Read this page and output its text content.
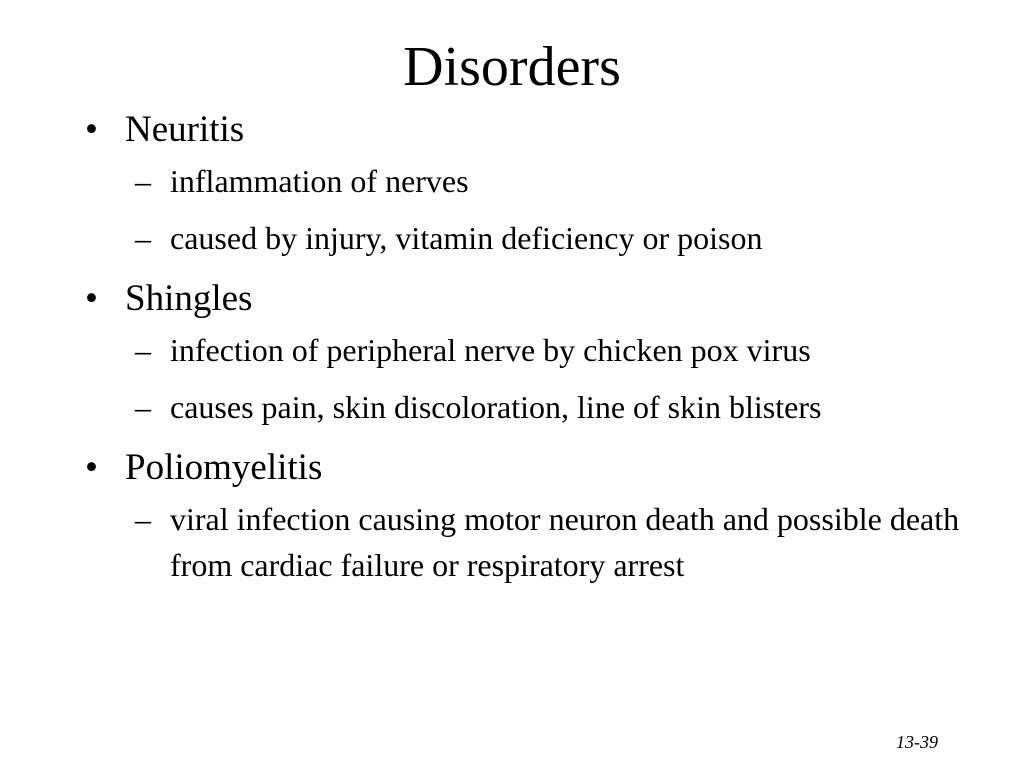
Disorders
• Neuritis
– inflammation of nerves
– caused by injury, vitamin deficiency or poison
• Shingles
– infection of peripheral nerve by chicken pox virus
– causes pain, skin discoloration, line of skin blisters
• Poliomyelitis
– viral infection causing motor neuron death and possible death from cardiac failure or respiratory arrest
13-39
